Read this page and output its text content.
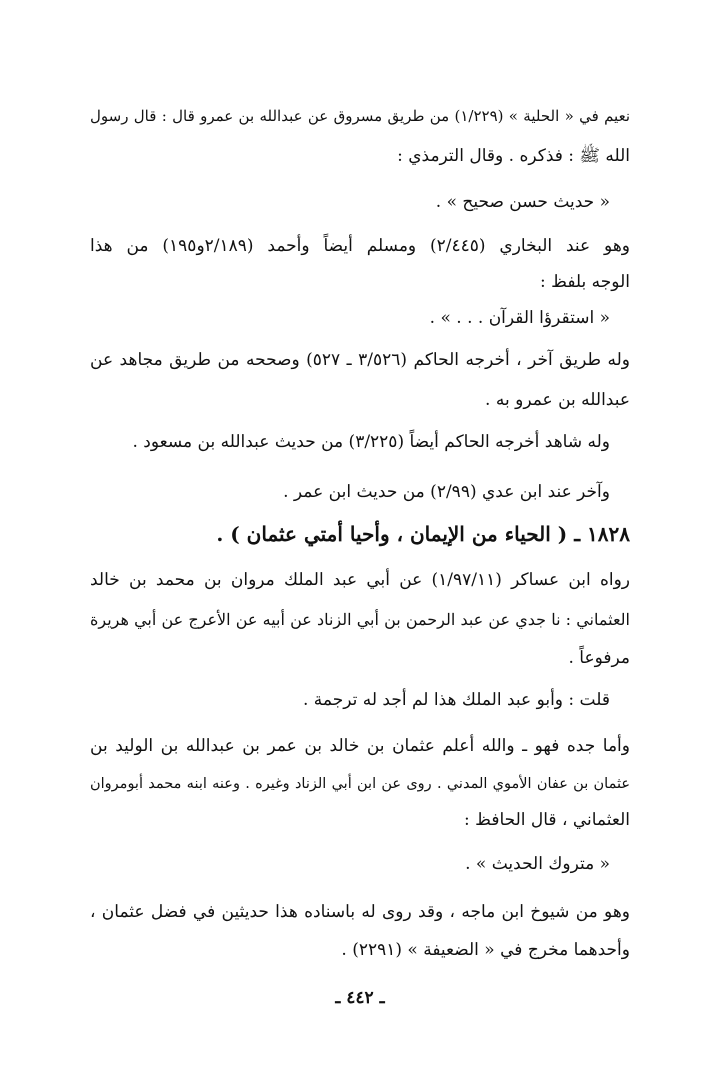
نعيم في « الحلية » (١/٢٢٩) من طريق مسروق عن عبدالله بن عمرو قال : قال رسول
الله ﷺ : فذكره . وقال الترمذي :
« حديث حسن صحيح » .
وهو عند البخاري (٢/٤٤٥) ومسلم أيضاً وأحمد (٢/١٨٩و١٩٥) من هذا
الوجه بلفظ :
« استقرؤا القرآن . . . » .
وله طريق آخر ، أخرجه الحاكم (٣/٥٢٦ ـ ٥٢٧) وصححه من طريق مجاهد عن
عبدالله بن عمرو به .
وله شاهد أخرجه الحاكم أيضاً (٣/٢٢٥) من حديث عبدالله بن مسعود .
وآخر عند ابن عدي (٢/٩٩) من حديث ابن عمر .
١٨٢٨ ـ ( الحياء من الإيمان ، وأحيا أمتي عثمان ) .
رواه ابن عساكر (١/٩٧/١١) عن أبي عبد الملك مروان بن محمد بن خالد
العثماني : نا جدي عن عبد الرحمن بن أبي الزناد عن أبيه عن الأعرج عن أبي هريرة
مرفوعاً .
قلت : وأبو عبد الملك هذا لم أجد له ترجمة .
وأما جده فهو ـ والله أعلم عثمان بن خالد بن عمر بن عبدالله بن الوليد بن
عثمان بن عفان الأموي المدني . روى عن ابن أبي الزناد وغيره . وعنه ابنه محمد أبومروان
العثماني ، قال الحافظ :
« متروك الحديث » .
وهو من شيوخ ابن ماجه ، وقد روى له باسناده هذا حديثين في فضل عثمان ،
وأحدهما مخرج في « الضعيفة » (٢٢٩١) .
ـ ٤٤٢ ـ
